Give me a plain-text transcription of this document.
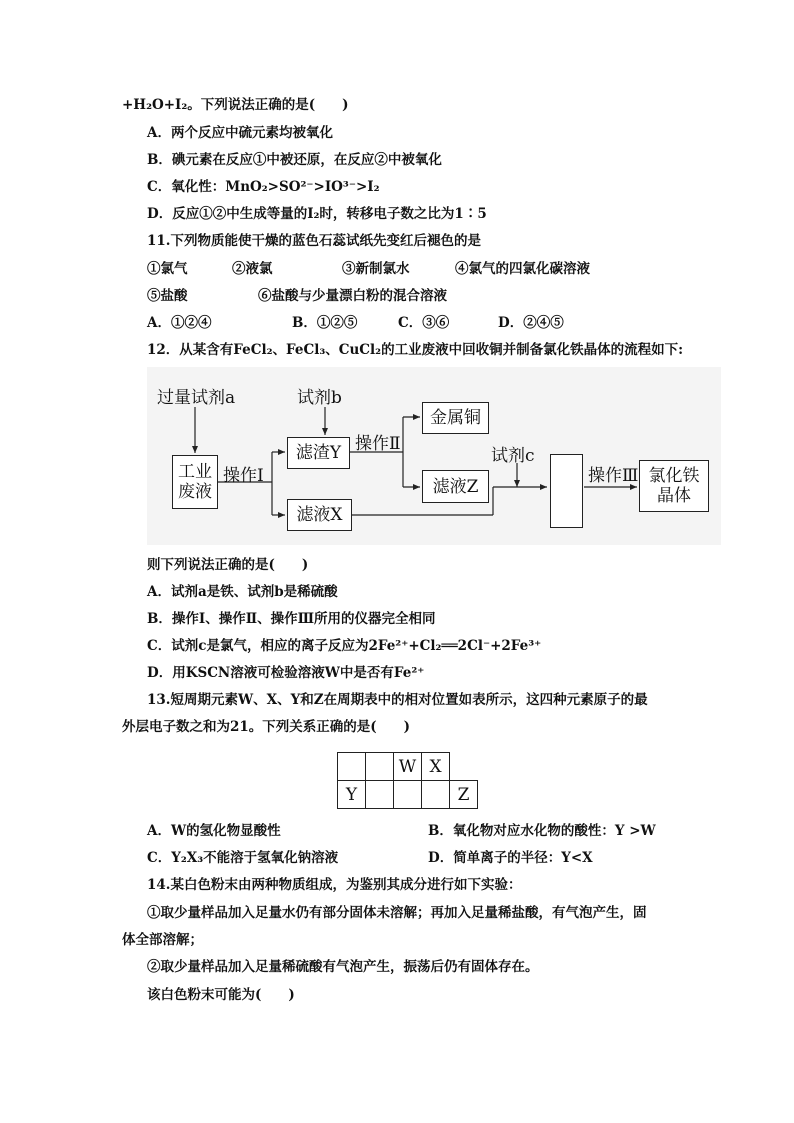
+H₂O+I₂。下列说法正确的是(　　)
A．两个反应中硫元素均被氧化
B．碘元素在反应①中被还原，在反应②中被氧化
C．氧化性：MnO₂>SO²⁻>IO³⁻>I₂
D．反应①②中生成等量的I₂时，转移电子数之比为1∶5
11.下列物质能使干燥的蓝色石蕊试纸先变红后褪色的是
①氯气	②液氯	③新制氯水	④氯气的四氯化碳溶液
⑤盐酸	⑥盐酸与少量漂白粉的混合溶液
A．①②④	B．①②⑤	C．③⑥	D．②④⑤
12．从某含有FeCl₂、FeCl₃、CuCl₂的工业废液中回收铜并制备氯化铁晶体的流程如下:
过量试剂a	试剂b
试剂c
操作Ⅰ
操作Ⅱ
操作Ⅲ
工业
废液
滤渣Y
滤液X
金属铜
滤液Z
氯化铁
晶体
则下列说法正确的是(　　)
A．试剂a是铁、试剂b是稀硫酸
B．操作Ⅰ、操作Ⅱ、操作Ⅲ所用的仪器完全相同
C．试剂c是氯气，相应的离子反应为2Fe²⁺+Cl₂══2Cl⁻+2Fe³⁺
D．用KSCN溶液可检验溶液W中是否有Fe²⁺
13.短周期元素W、X、Y和Z在周期表中的相对位置如表所示，这四种元素原子的最
外层电子数之和为21。下列关系正确的是(　　)
		W	X	
Y				Z
A．W的氢化物显酸性	B．氧化物对应水化物的酸性：Y >W
C．Y₂X₃不能溶于氢氧化钠溶液	D．简单离子的半径：Y<X
14.某白色粉末由两种物质组成，为鉴别其成分进行如下实验：
①取少量样品加入足量水仍有部分固体未溶解；再加入足量稀盐酸，有气泡产生，固
体全部溶解；
②取少量样品加入足量稀硫酸有气泡产生，振荡后仍有固体存在。
该白色粉末可能为(　　)
